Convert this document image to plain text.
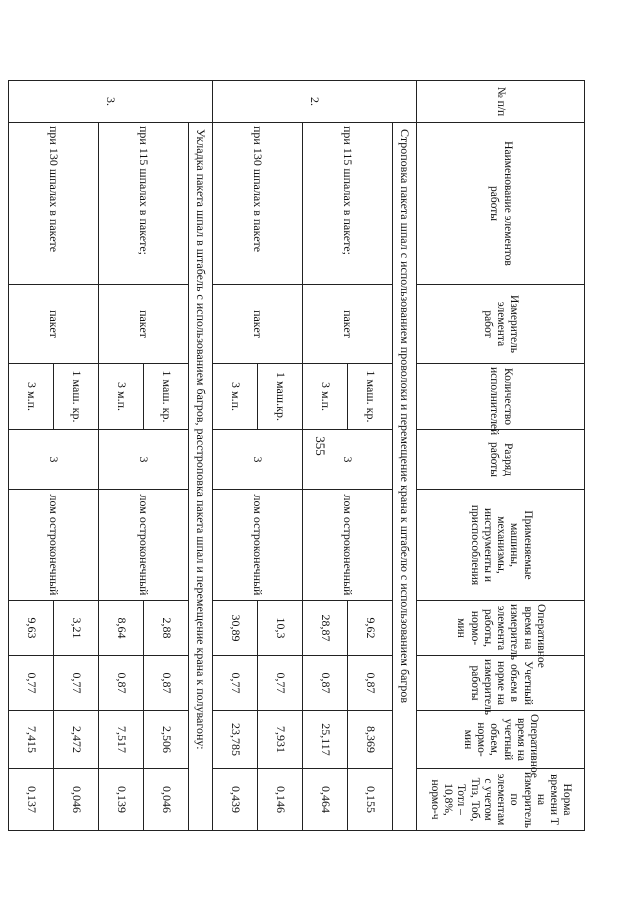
355
№ п/п	Наименование элементов работы	Измеритель элемента работ	Количество исполнителей	Разряд работы	Применяемые машины, механизмы, инструменты и приспособления	Оперативное время на измеритель элемента работы, нормо-мин	Учетный объем в норме на измеритель работы	Оперативное время на учетный объем, нормо-мин	Норма времени Т на измеритель по элементам с учетом Тпз, Тоб, Тотл – 10,8%, нормо-ч
2.	Строповка пакета шпал с использованием проволоки и перемещение крана к штабелю с использованием багров								
	при 115 шпалах в пакете;	пакет	1 маш. кр.	3	лом остроконечный	9,62	0,87	8,369	0,155
			3 м.п.			28,87	0,87	25,117	0,464
	при 130 шпалах в пакете	пакет	1 маш.кр.	3	лом остроконечный	10,3	0,77	7,931	0,146
			3 м.п.			30,89	0,77	23,785	0,439
3.	Укладка пакета шпал в штабель с использованием багров, расстроповка пакета шпал и перемещение крана к полувагону:								
	при 115 шпалах в пакете;	пакет	1 маш. кр.	3	лом остроконечный	2,88	0,87	2,506	0,046
			3 м.п.			8,64	0,87	7,517	0,139
	при 130 шпалах в пакете	пакет	1 маш. кр.	3	лом остроконечный	3,21	0,77	2,472	0,046
			3 м.п.			9,63	0,77	7,415	0,137
